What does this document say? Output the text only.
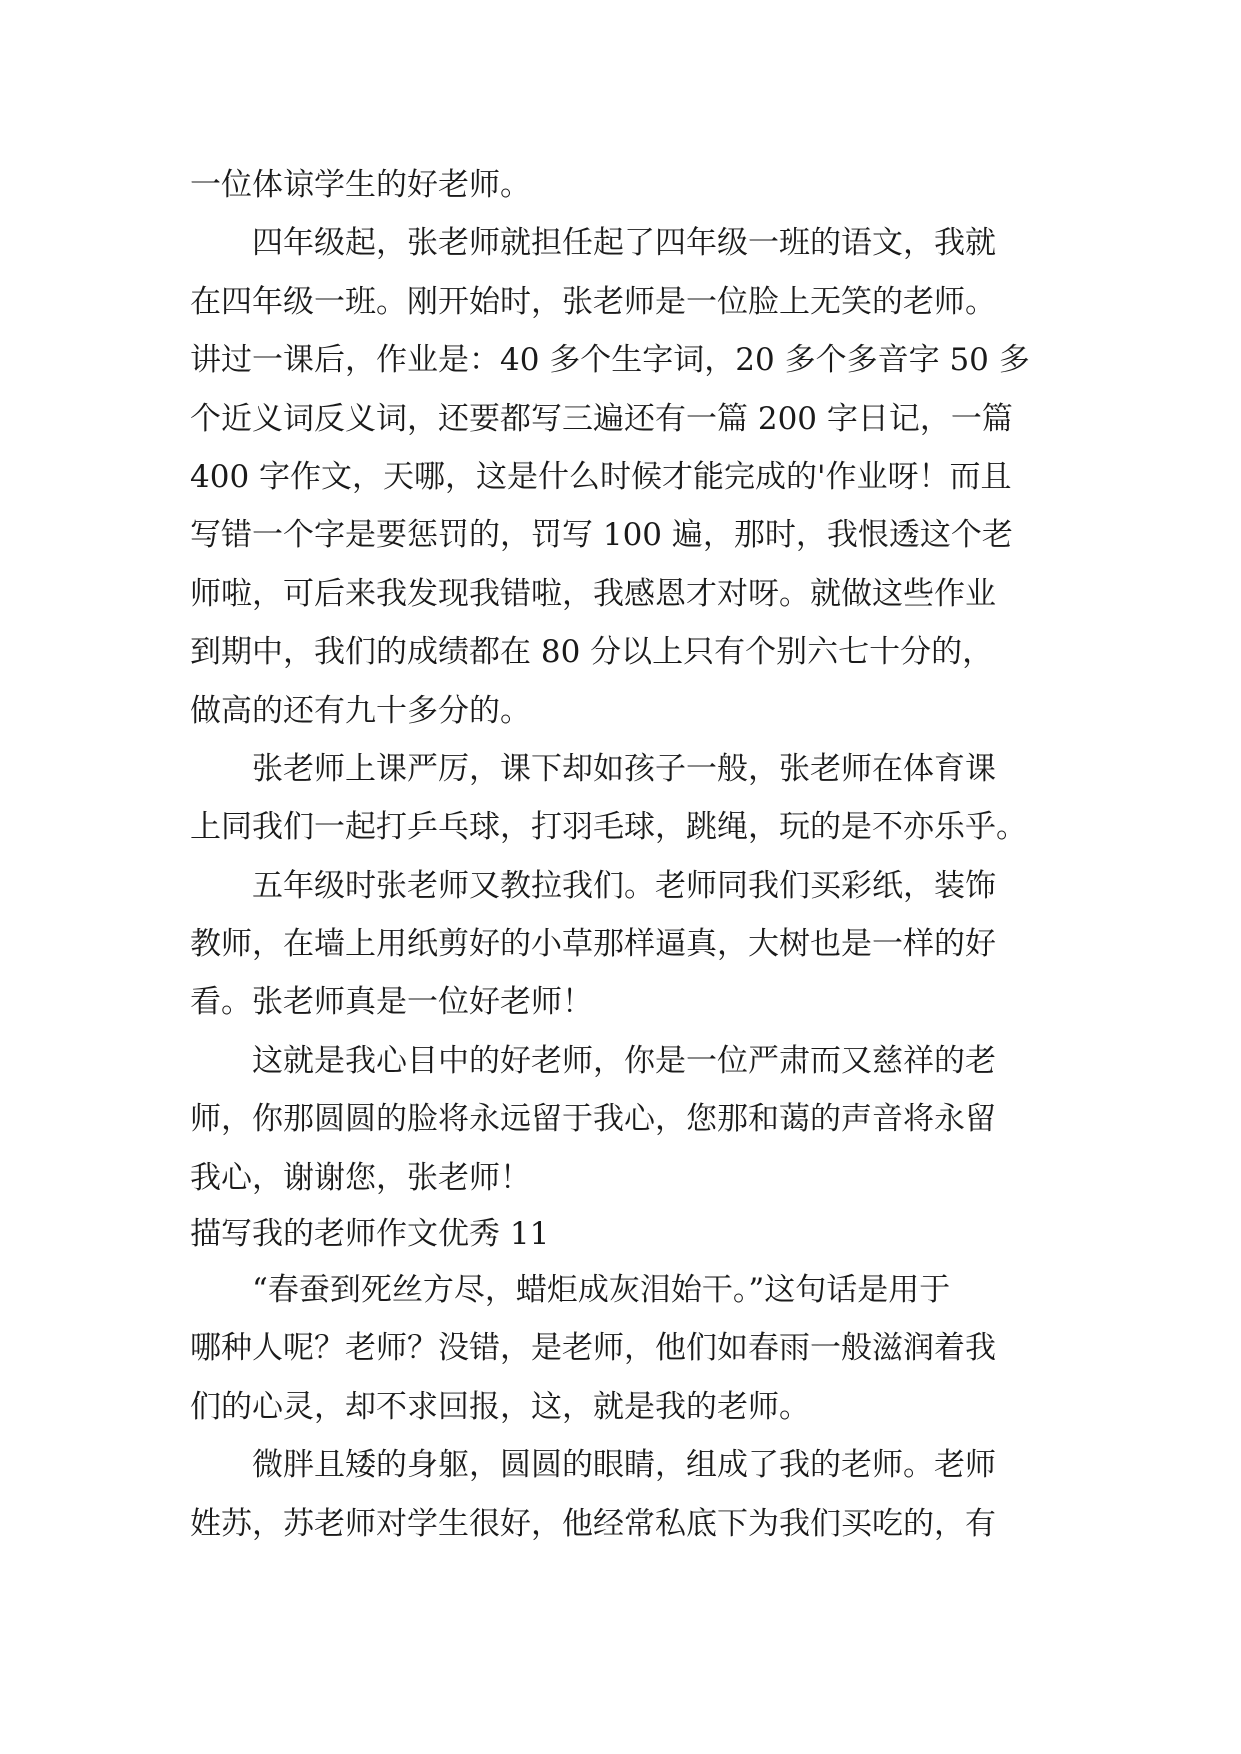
一位体谅学生的好老师。
四年级起，张老师就担任起了四年级一班的语文，我就
在四年级一班。刚开始时，张老师是一位脸上无笑的老师。
讲过一课后，作业是：40 多个生字词，20 多个多音字 50 多
个近义词反义词，还要都写三遍还有一篇 200 字日记，一篇
400 字作文，天哪，这是什么时候才能完成的'作业呀！而且
写错一个字是要惩罚的，罚写 100 遍，那时，我恨透这个老
师啦，可后来我发现我错啦，我感恩才对呀。就做这些作业
到期中，我们的成绩都在 80 分以上只有个别六七十分的，
做高的还有九十多分的。
张老师上课严厉，课下却如孩子一般，张老师在体育课
上同我们一起打乒乓球，打羽毛球，跳绳，玩的是不亦乐乎。
五年级时张老师又教拉我们。老师同我们买彩纸，装饰
教师，在墙上用纸剪好的小草那样逼真，大树也是一样的好
看。张老师真是一位好老师！
这就是我心目中的好老师，你是一位严肃而又慈祥的老
师，你那圆圆的脸将永远留于我心，您那和蔼的声音将永留
我心，谢谢您，张老师！
描写我的老师作文优秀 11
“春蚕到死丝方尽，蜡炬成灰泪始干。”这句话是用于
哪种人呢？老师？没错，是老师，他们如春雨一般滋润着我
们的心灵，却不求回报，这，就是我的老师。
微胖且矮的身躯，圆圆的眼睛，组成了我的老师。老师
姓苏，苏老师对学生很好，他经常私底下为我们买吃的，有
